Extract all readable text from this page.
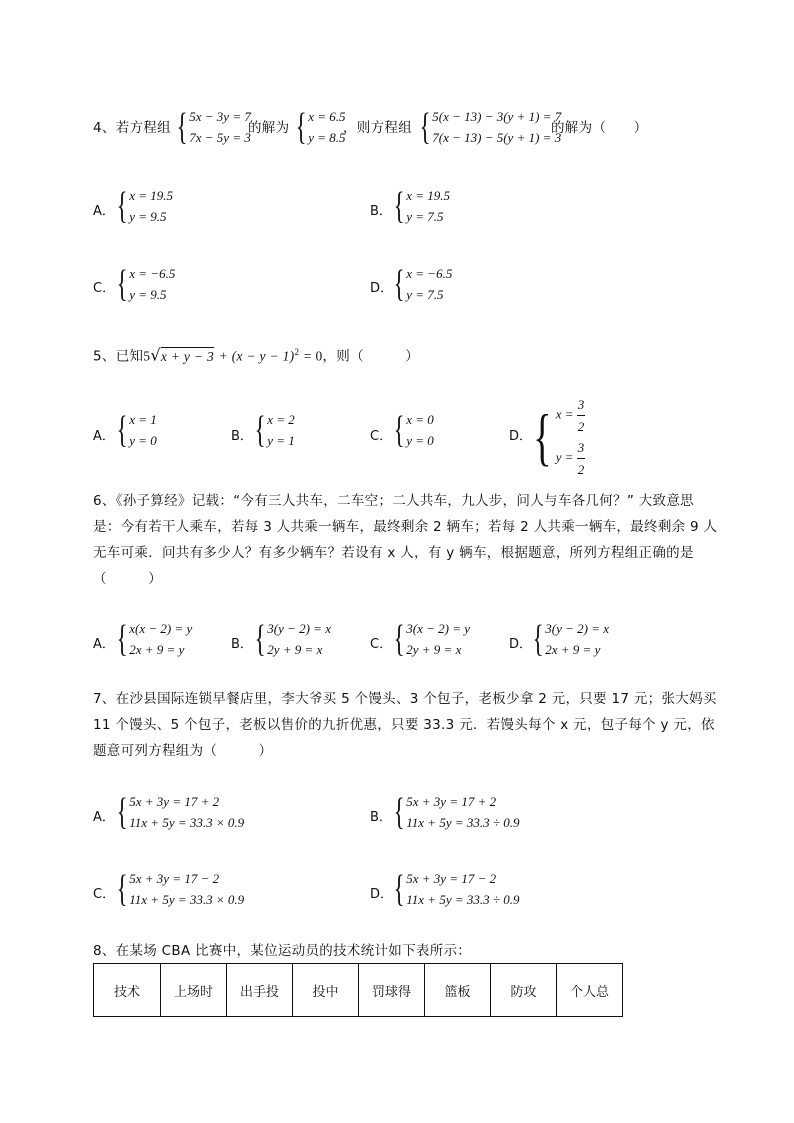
4、若方程组 { 5x − 3y = 7
7x − 5y = 3
的解为 { x = 6.5
y = 8.5
，则方程组 { 5(x − 13) − 3(y + 1) = 7
7(x − 13) − 5(y + 1) = 3
的解为（　　）
A． { x = 19.5
y = 9.5	B． { x = 19.5
y = 7.5
C． { x = −6.5
y = 9.5	D． { x = −6.5
y = 7.5
5、已知$5√x + y - 3 + (x - y - 1)^2 = 0$，则（　　　）
A． { x = 1
y = 0	B． { x = 2
y = 1	C． { x = 0
y = 0	D． { $x = \frac{3}{2}$
$y = \frac{3}{2}$
6、《孙子算经》记载：“今有三人共车，二车空；二人共车，九人步，问人与车各几何？” 大致意思
是：今有若干人乘车，若每 3 人共乘一辆车，最终剩余 2 辆车；若每 2 人共乘一辆车，最终剩余 9 人
无车可乘．问共有多少人？有多少辆车？若设有 x 人，有 y 辆车，根据题意，所列方程组正确的是
（　　　）
A． { x(x − 2) = y
2x + 9 = y	B． { 3(y − 2) = x
2y + 9 = x	C． { 3(x − 2) = y
2y + 9 = x	D． { 3(y − 2) = x
2x + 9 = y
7、在沙县国际连锁早餐店里，李大爷买 5 个馒头、3 个包子，老板少拿 2 元，只要 17 元；张大妈买
11 个馒头、5 个包子，老板以售价的九折优惠，只要 33.3 元．若馒头每个 x 元，包子每个 y 元，依
题意可列方程组为（　　　）
A． { 5x + 3y = 17 + 2
11x + 5y = 33.3 × 0.9	B． { 5x + 3y = 17 + 2
11x + 5y = 33.3 ÷ 0.9
C． { 5x + 3y = 17 − 2
11x + 5y = 33.3 × 0.9	D． { 5x + 3y = 17 − 2
11x + 5y = 33.3 ÷ 0.9
8、在某场 CBA 比赛中，某位运动员的技术统计如下表所示：
技术	上场时	出手投	投中	罚球得	篮板	防攻	个人总
